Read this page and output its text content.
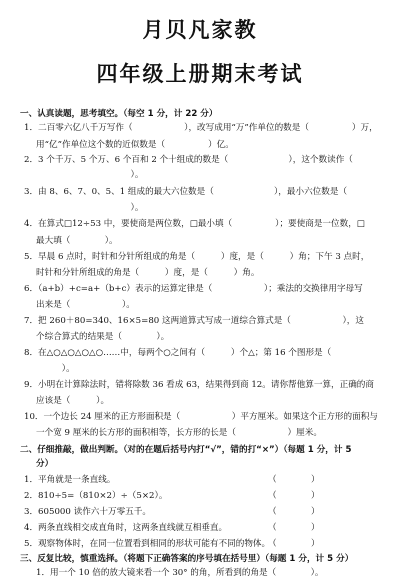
月贝凡家教
四年级上册期末考试
一、认真读题，思考填空。（每空 1 分，计 22 分）
1．二百零六亿八千万写作（　　　　　　），改写成用“万”作单位的数是（　　　　　）万，
用“亿”作单位这个数的近似数是（　　　　　）亿。
2．3 个千万、5 个万、6 个百和 2 个十组成的数是（　　　　　　　），这个数读作（
　　　　　　　　　　　）。
3．由 8、6、7、0、5、1 组成的最大六位数是（　　　　　　　），最小六位数是（
　　　　　　　　　　　）。
4．在算式□12÷53 中，要使商是两位数，□最小填（　　　　　）；要使商是一位数，□
最大填（　　　　）。
5．早晨 6 点时，时针和分针所组成的角是（　　　）度，是（　　　）角；下午 3 点时，
时针和分针所组成的角是（　　　）度，是（　　　）角。
6．（a+b）+c=a+（b+c）表示的运算定律是（　　　　　　）；乘法的交换律用字母写
出来是（　　　　　　）。
7．把 260＋80=340、16×5=80 这两道算式写成一道综合算式是（　　　　　　），这
个综合算式的结果是（　　　　）。
8．在△○△○△○△○……中，每两个○之间有（　　　）个△；第 16 个图形是（
　　　）。
9．小明在计算除法时，错将除数 36 看成 63，结果得到商 12。请你帮他算一算，正确的商
应该是（　　　）。
10．一个边长 24 厘米的正方形面积是（　　　　　　）平方厘米。如果这个正方形的面积与
一个宽 9 厘米的长方形的面积相等，长方形的长是（　　　　　　）厘米。
二、仔细推敲，做出判断。（对的在题后括号内打“√”，错的打“×”）（每题 1 分，计 5
分）
1．平角就是一条直线。	（　　　　）
2．810÷5=（810×2）÷（5×2）。	（　　　　）
3．605000 读作六十万零五千。	（　　　　）
4．两条直线相交成直角时，这两条直线就互相垂直。	（　　　　）
5．观察物体时，在同一位置看到相同的形状可能有不同的物体。
（　　　　）
三、反复比较，慎重选择。（将题下正确答案的序号填在括号里）（每题 1 分，计 5 分）
1．用一个 10 倍的放大镜来看一个 30° 的角，所看到的角是（　　　　）。
